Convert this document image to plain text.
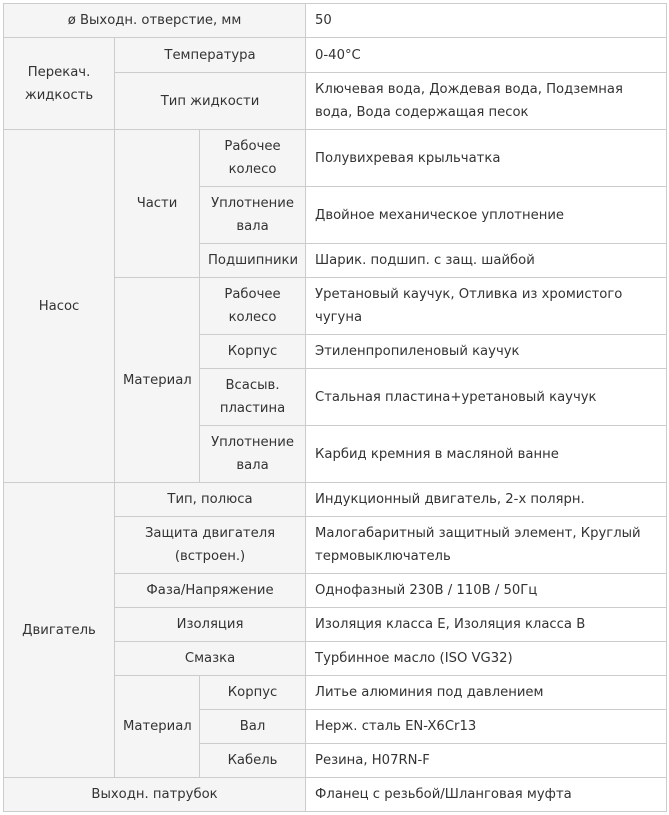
ø Выходн. отверстие, мм			50
Перекач. жидкость	Температура		0-40°C
	Тип жидкости		Ключевая вода, Дождевая вода, Подземная вода, Вода содержащая песок
Насос	Части	Рабочее колесо	Полувихревая крыльчатка
		Уплотнение вала	Двойное механическое уплотнение
		Подшипники	Шарик. подшип. с защ. шайбой
	Материал	Рабочее колесо	Уретановый каучук, Отливка из хромистого чугуна
		Корпус	Этиленпропиленовый каучук
		Всасыв. пластина	Стальная пластина+уретановый каучук
		Уплотнение вала	Карбид кремния в масляной ванне
Двигатель	Тип, полюса		Индукционный двигатель, 2-х полярн.
	Защита двигателя (встроен.)		Малогабаритный защитный элемент, Круглый термовыключатель
	Фаза/Напряжение		Однофазный 230В / 110В / 50Гц
	Изоляция		Изоляция класса E, Изоляция класса B
	Смазка		Турбинное масло (ISO VG32)
	Материал	Корпус	Литье алюминия под давлением
		Вал	Нерж. сталь EN-X6Cr13
		Кабель	Резина, H07RN-F
Выходн. патрубок			Фланец с резьбой/Шланговая муфта
